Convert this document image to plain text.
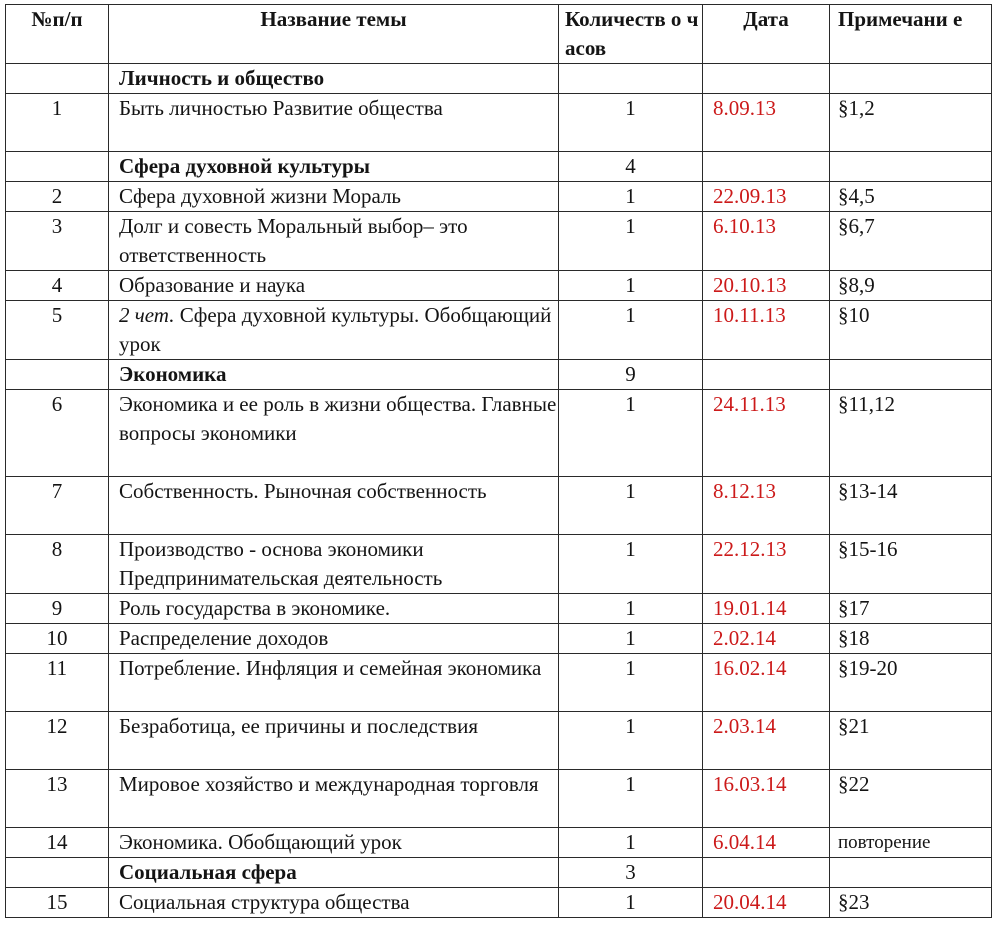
№п/п	Название темы	Количеств о часов	Дата	Примечани е
	Личность и общество			
1	Быть личностью Развитие общества	1	8.09.13	§1,2
	Сфера духовной культуры	4		
2	Сфера духовной жизни Мораль	1	22.09.13	§4,5
3	Долг и совесть Моральный выбор– это ответственность	1	6.10.13	§6,7
4	Образование и наука	1	20.10.13	§8,9
5	2 чет. Сфера духовной культуры. Обобщающий урок	1	10.11.13	§10
	Экономика	9		
6	Экономика и ее роль в жизни общества. Главные вопросы экономики	1	24.11.13	§11,12
7	Собственность. Рыночная собственность	1	8.12.13	§13-14
8	Производство - основа экономики Предпринимательская деятельность	1	22.12.13	§15-16
9	Роль государства в экономике.	1	19.01.14	§17
10	Распределение доходов	1	2.02.14	§18
11	Потребление. Инфляция и семейная экономика	1	16.02.14	§19-20
12	Безработица, ее причины и последствия	1	2.03.14	§21
13	Мировое хозяйство и международная торговля	1	16.03.14	§22
14	Экономика. Обобщающий урок	1	6.04.14	повторение
	Социальная сфера	3		
15	Социальная структура общества	1	20.04.14	§23
